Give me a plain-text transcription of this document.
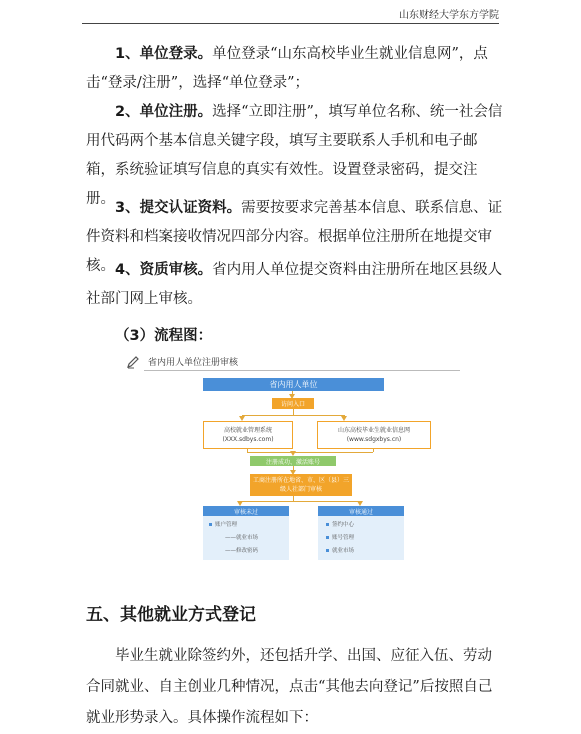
山东财经大学东方学院

1、单位登录。单位登录“山东高校毕业生就业信息网”，点击“登录/注册”，选择“单位登录”；

2、单位注册。选择“立即注册”，填写单位名称、统一社会信用代码两个基本信息关键字段，填写主要联系人手机和电子邮箱，系统验证填写信息的真实有效性。设置登录密码，提交注册。

3、提交认证资料。需要按要求完善基本信息、联系信息、证件资料和档案接收情况四部分内容。根据单位注册所在地提交审核。 4、资质审核。省内用人单位提交资料由注册所在地区县级人社部门网上审核。

（3）流程图：
省内用人单位注册审核
省内用人单位
访问入口
高校就业管理系统
(XXX.sdbys.com)
山东高校毕业生就业信息网
(www.sdgxbys.cn)
注册成功、激活账号
工商注册所在地省、市、区（县）三
级人社部门审核
审核未过
账户管理
——就业市场
——修改密码
审核通过
签约中心
账号管理
就业市场
五、其他就业方式登记

毕业生就业除签约外，还包括升学、出国、应征入伍、劳动合同就业、自主创业几种情况，点击“其他去向登记”后按照自己就业形势录入。具体操作流程如下：
